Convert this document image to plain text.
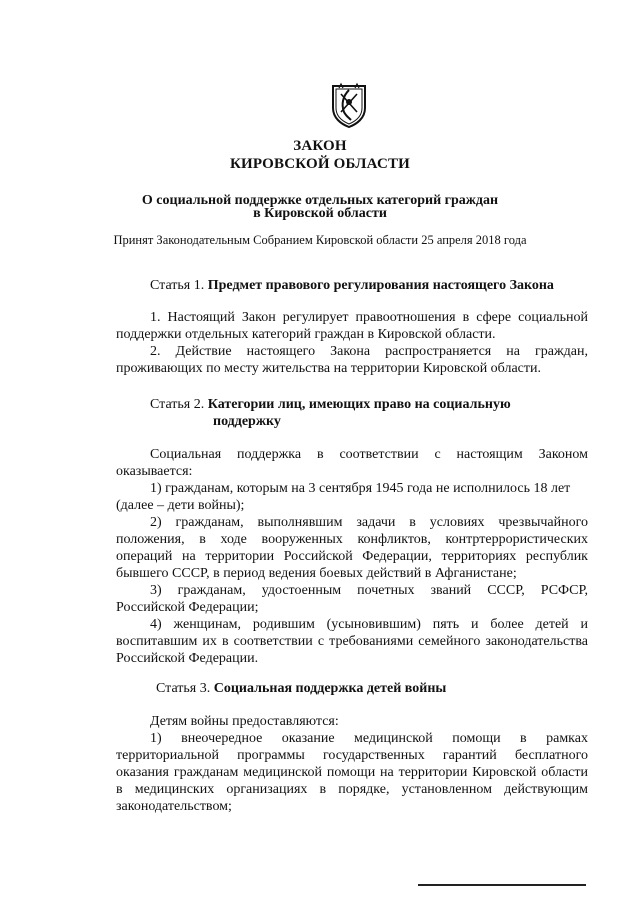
ЗАКОН
КИРОВСКОЙ ОБЛАСТИ
О социальной поддержке отдельных категорий граждан
в Кировской области
Принят Законодательным Собранием Кировской области 25 апреля 2018 года
Статья 1. Предмет правового регулирования настоящего Закона
1. Настоящий Закон регулирует правоотношения в сфере социальной
поддержки отдельных категорий граждан в Кировской области.
2. Действие настоящего Закона распространяется на граждан,
проживающих по месту жительства на территории Кировской области.
Статья 2. Категории лиц, имеющих право на социальную
поддержку
Социальная поддержка в соответствии с настоящим Законом
оказывается:
1) гражданам, которым на 3 сентября 1945 года не исполнилось 18 лет
(далее – дети войны);
2) гражданам, выполнявшим задачи в условиях чрезвычайного
положения, в ходе вооруженных конфликтов, контртеррористических
операций на территории Российской Федерации, территориях республик
бывшего СССР, в период ведения боевых действий в Афганистане;
3) гражданам, удостоенным почетных званий СССР, РСФСР,
Российской Федерации;
4) женщинам, родившим (усыновившим) пять и более детей и
воспитавшим их в соответствии с требованиями семейного законодательства
Российской Федерации.
Статья 3. Социальная поддержка детей войны
Детям войны предоставляются:
1) внеочередное оказание медицинской помощи в рамках
территориальной программы государственных гарантий бесплатного
оказания гражданам медицинской помощи на территории Кировской области
в медицинских организациях в порядке, установленном действующим
законодательством;
